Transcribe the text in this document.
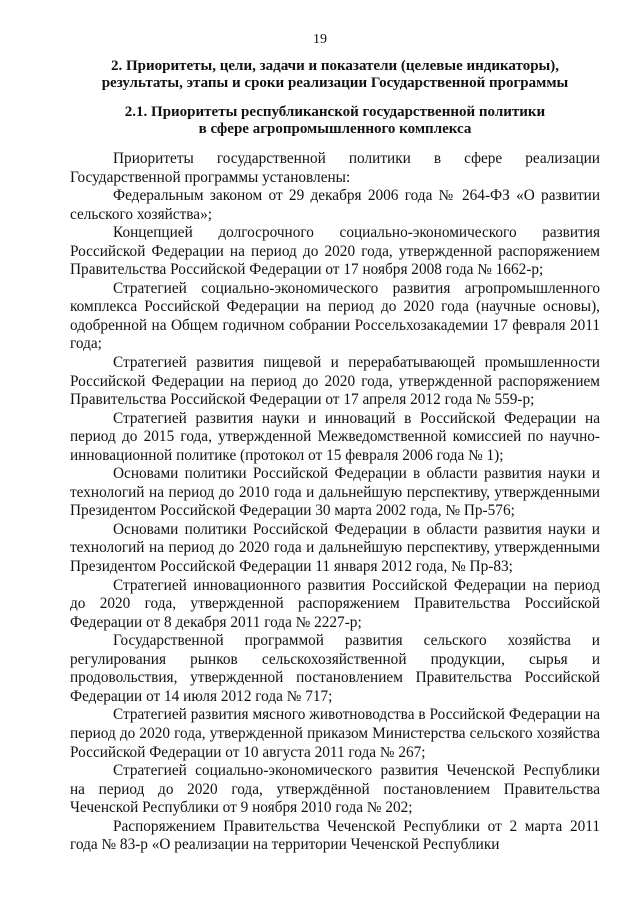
19
2. Приоритеты, цели, задачи и показатели (целевые индикаторы),
результаты, этапы и сроки реализации Государственной программы
2.1. Приоритеты республиканской государственной политики
в сфере агропромышленного комплекса

Приоритеты государственной политики в сфере реализации Государственной программы установлены:

Федеральным законом от 29 декабря 2006 года № 264-ФЗ «О развитии сельского хозяйства»;

Концепцией долгосрочного социально-экономического развития Российской Федерации на период до 2020 года, утвержденной распоряжением Правительства Российской Федерации от 17 ноября 2008 года № 1662-р;

Стратегией социально-экономического развития агропромышленного комплекса Российской Федерации на период до 2020 года (научные основы), одобренной на Общем годичном собрании Россельхозакадемии 17 февраля 2011 года;

Стратегией развития пищевой и перерабатывающей промышленности Российской Федерации на период до 2020 года, утвержденной распоряжением Правительства Российской Федерации от 17 апреля 2012 года № 559-р;

Стратегией развития науки и инноваций в Российской Федерации на период до 2015 года, утвержденной Межведомственной комиссией по научно-инновационной политике (протокол от 15 февраля 2006 года № 1);

Основами политики Российской Федерации в области развития науки и технологий на период до 2010 года и дальнейшую перспективу, утвержденными Президентом Российской Федерации 30 марта 2002 года, № Пр-576;

Основами политики Российской Федерации в области развития науки и технологий на период до 2020 года и дальнейшую перспективу, утвержденными Президентом Российской Федерации 11 января 2012 года, № Пр-83;

Стратегией инновационного развития Российской Федерации на период до 2020 года, утвержденной распоряжением Правительства Российской Федерации от 8 декабря 2011 года № 2227-р;

Государственной программой развития сельского хозяйства и регулирования рынков сельскохозяйственной продукции, сырья и продовольствия, утвержденной постановлением Правительства Российской Федерации от 14 июля 2012 года № 717;

Стратегией развития мясного животноводства в Российской Федерации на период до 2020 года, утвержденной приказом Министерства сельского хозяйства Российской Федерации от 10 августа 2011 года № 267;

Стратегией социально-экономического развития Чеченской Республики на период до 2020 года, утверждённой постановлением Правительства Чеченской Республики от 9 ноября 2010 года № 202;

Распоряжением Правительства Чеченской Республики от 2 марта 2011 года № 83-р «О реализации на территории Чеченской Республики
